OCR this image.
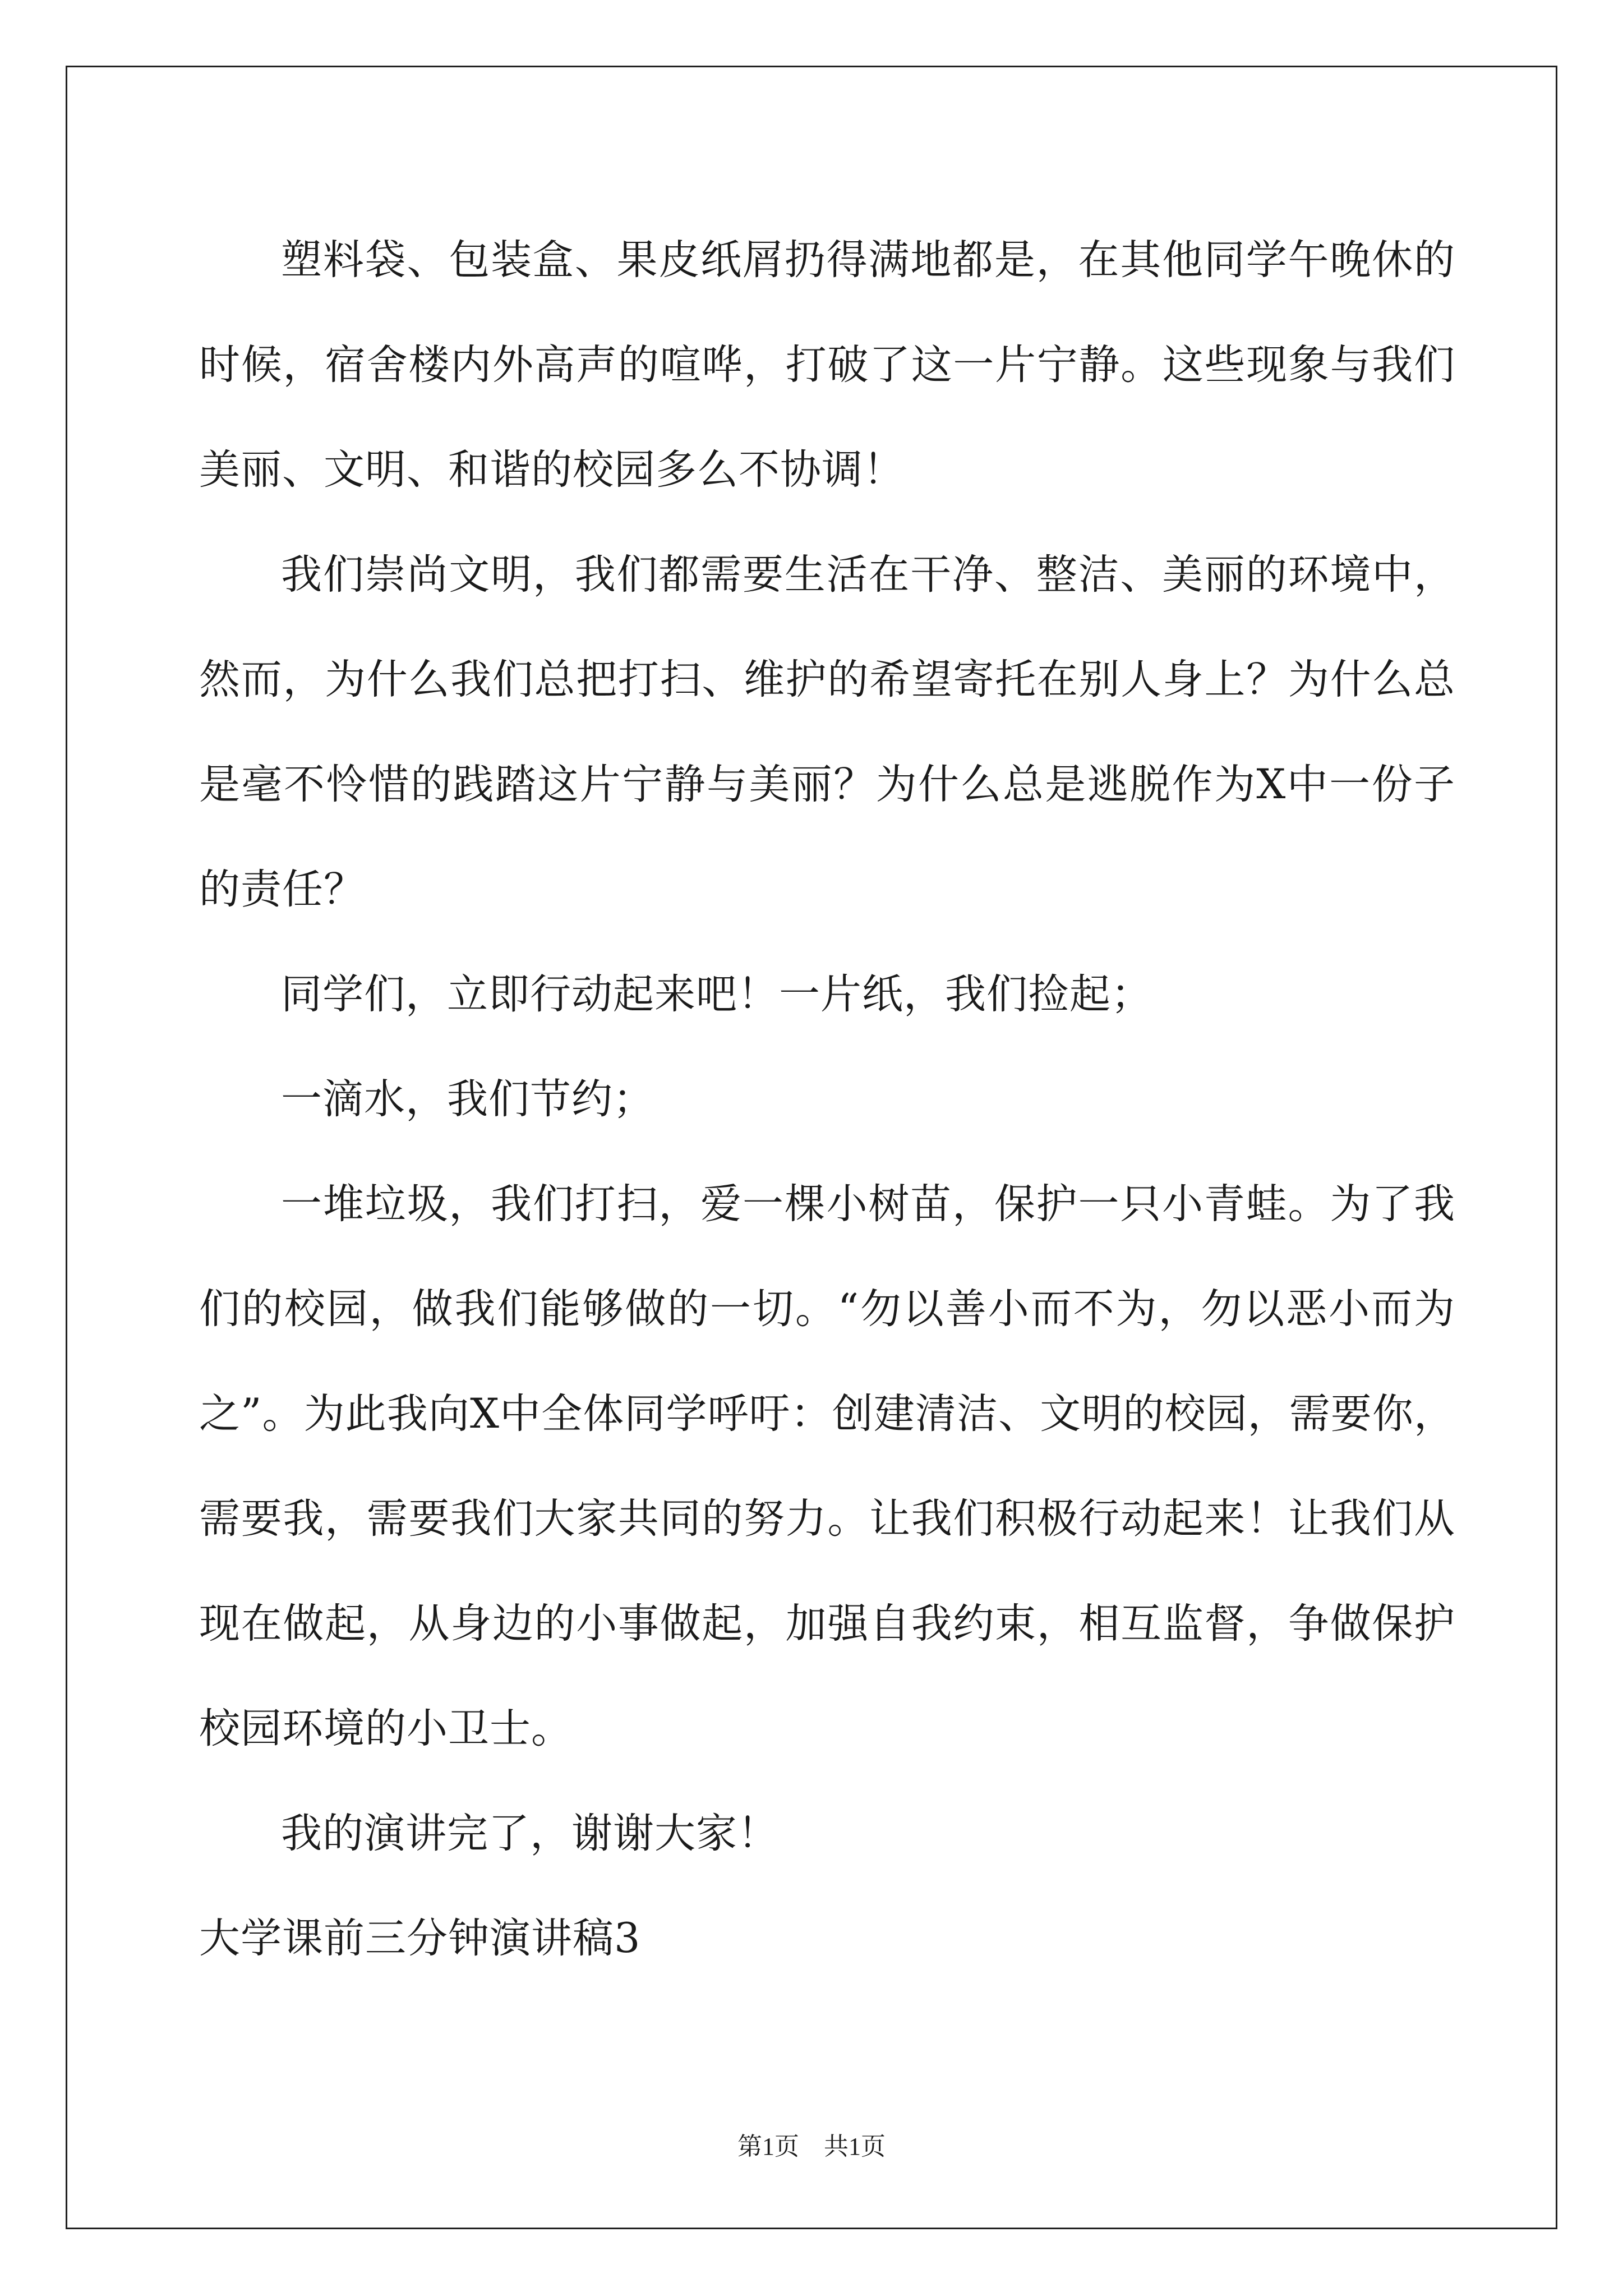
塑料袋、包装盒、果皮纸屑扔得满地都是，在其他同学午晚休的时候，宿舍楼内外高声的喧哗，打破了这一片宁静。这些现象与我们美丽、文明、和谐的校园多么不协调！

我们崇尚文明，我们都需要生活在干净、整洁、美丽的环境中，然而，为什么我们总把打扫、维护的希望寄托在别人身上？为什么总是毫不怜惜的践踏这片宁静与美丽？为什么总是逃脱作为X中一份子的责任？

同学们，立即行动起来吧！一片纸，我们捡起；

一滴水，我们节约；

一堆垃圾，我们打扫，爱一棵小树苗，保护一只小青蛙。为了我们的校园，做我们能够做的一切。“勿以善小而不为，勿以恶小而为之”。为此我向X中全体同学呼吁：创建清洁、文明的校园，需要你，需要我，需要我们大家共同的努力。让我们积极行动起来！让我们从现在做起，从身边的小事做起，加强自我约束，相互监督，争做保护校园环境的小卫士。

我的演讲完了，谢谢大家！

大学课前三分钟演讲稿3

第1页　共1页
